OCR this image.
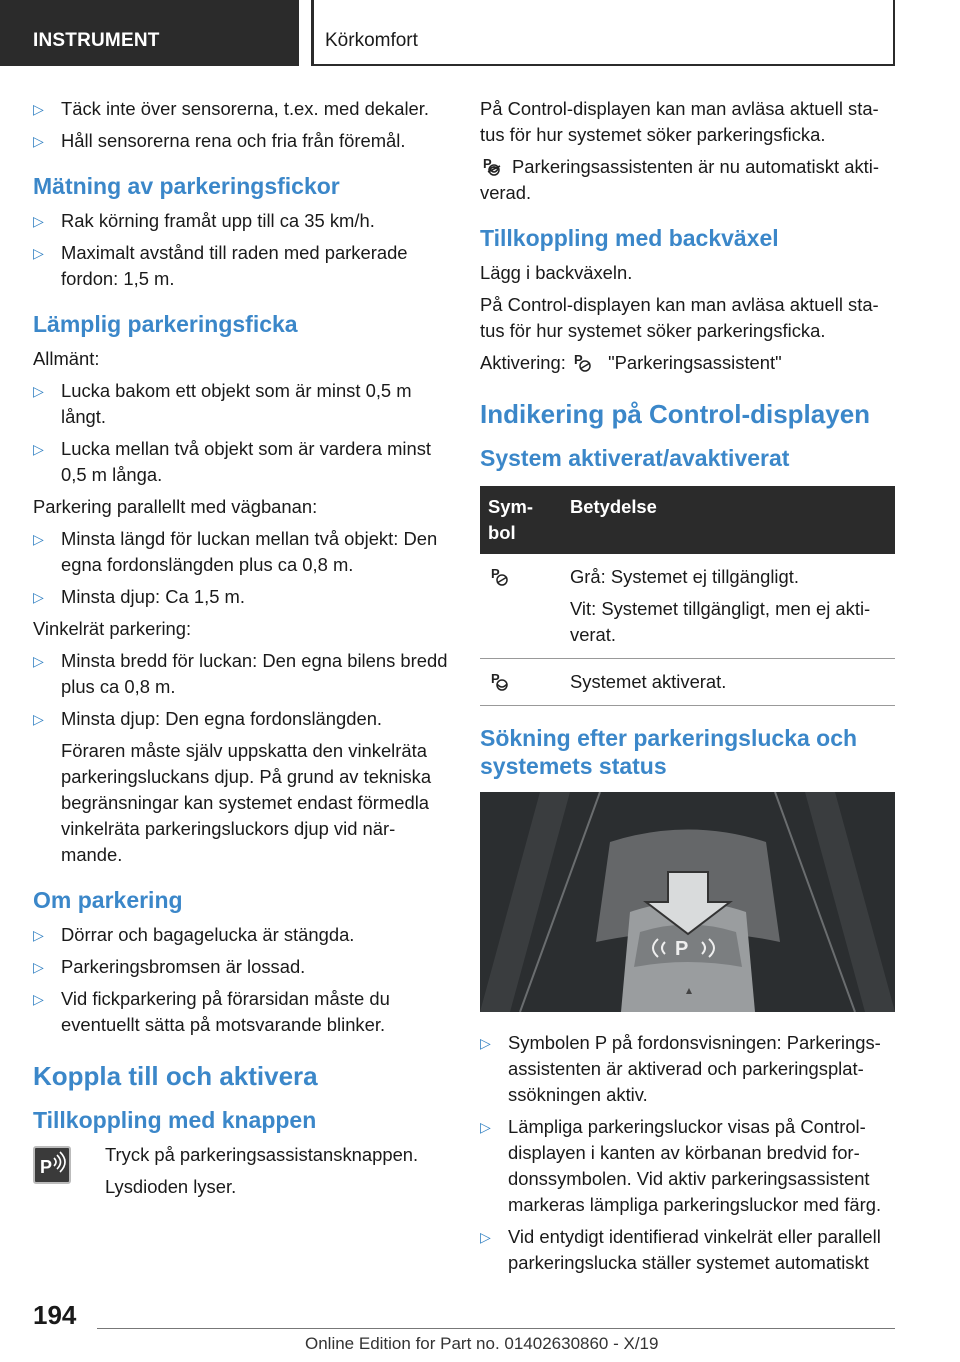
INSTRUMENT	Körkomfort
▷ Täck inte över sensorerna, t.ex. med dekaler.
▷ Håll sensorerna rena och fria från föremål.
Mätning av parkeringsfickor
▷ Rak körning framåt upp till ca 35 km/h.
▷ Maximalt avstånd till raden med parkerade fordon: 1,5 m.
Lämplig parkeringsficka

Allmänt:

▷ Lucka bakom ett objekt som är minst 0,5 m långt.
▷ Lucka mellan två objekt som är vardera minst 0,5 m långa.

Parkering parallellt med vägbanan:

▷ Minsta längd för luckan mellan två objekt: Den egna fordonslängden plus ca 0,8 m.
▷ Minsta djup: Ca 1,5 m.

Vinkelrät parkering:

▷ Minsta bredd för luckan: Den egna bilens bredd plus ca 0,8 m.
▷ Minsta djup: Den egna fordonslängden.
Föraren måste själv uppskatta den vinkelräta parkeringsluckans djup. På grund av tekniska begränsningar kan systemet endast förmedla vinkelräta parkeringsluckors djup vid närmande.
Om parkering
▷ Dörrar och bagagelucka är stängda.
▷ Parkeringsbromsen är lossad.
▷ Vid fickparkering på förarsidan måste du eventuellt sätta på motsvarande blinker.
Koppla till och aktivera
Tillkoppling med knappen
P

Tryck på parkeringsassistansknappen.

Lysdioden lyser.

På Control-displayen kan man avläsa aktuell status för hur systemet söker parkeringsficka.

P Parkeringsassistenten är nu automatiskt aktiverad.

Tillkoppling med backväxel

Lägg i backväxeln.

På Control-displayen kan man avläsa aktuell status för hur systemet söker parkeringsficka.

Aktivering: P "Parkeringsassistent"

Indikering på Control-displayen
System aktiverat/avaktiverat
Symbol	Betydelse

P	Grå: Systemet ej tillgängligt.

Vit: Systemet tillgängligt, men ej aktiverat.

P	Systemet aktiverat.
Sökning efter parkeringslucka och systemets status
P
▷ Symbolen P på fordonsvisningen: Parkeringsassistenten är aktiverad och parkeringsplatssökningen aktiv.
▷ Lämpliga parkeringsluckor visas på Control-displayen i kanten av körbanan bredvid fordonssymbolen. Vid aktiv parkeringsassistent markeras lämpliga parkeringsluckor med färg.
▷ Vid entydigt identifierad vinkelrät eller parallell parkeringslucka ställer systemet automatiskt
194
Online Edition for Part no. 01402630860 - X/19
